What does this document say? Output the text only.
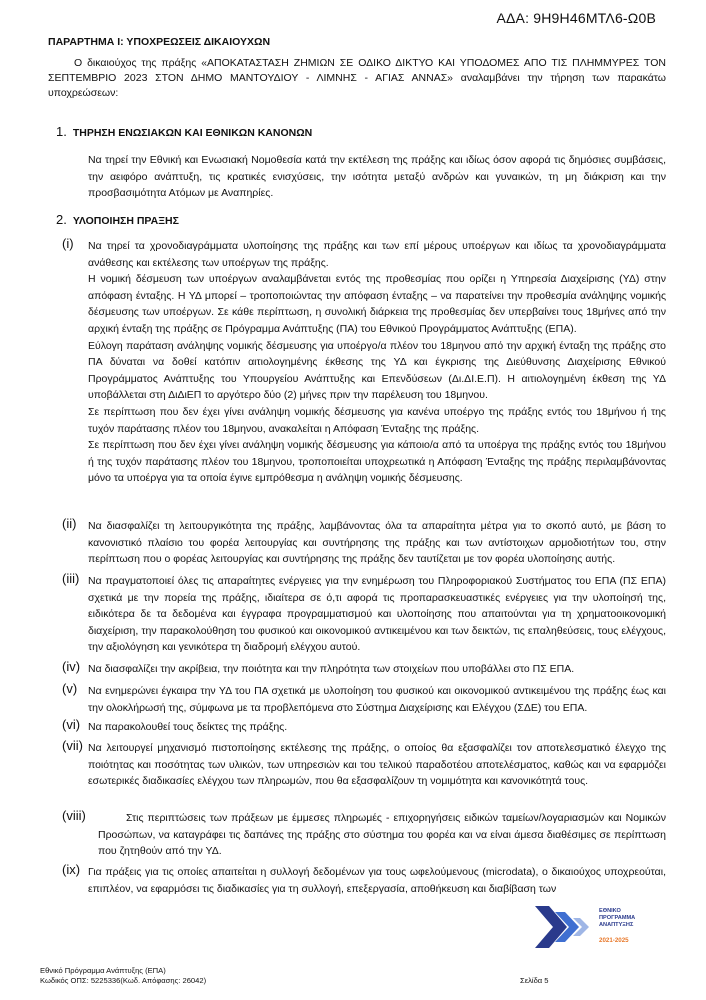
ΑΔΑ: 9Η9Η46ΜΤΛ6-Ω0Β
ΠΑΡΑΡΤΗΜΑ Ι: ΥΠΟΧΡΕΩΣΕΙΣ ΔΙΚΑΙΟΥΧΩΝ
Ο δικαιούχος της πράξης «ΑΠΟΚΑΤΑΣΤΑΣΗ ΖΗΜΙΩΝ ΣΕ ΟΔΙΚΟ ΔΙΚΤΥΟ ΚΑΙ ΥΠΟΔΟΜΕΣ ΑΠΟ ΤΙΣ ΠΛΗΜΜΥΡΕΣ ΤΟΝ ΣΕΠΤΕΜΒΡΙΟ 2023 ΣΤΟΝ ΔΗΜΟ ΜΑΝΤΟΥΔΙΟΥ - ΛΙΜΝΗΣ - ΑΓΙΑΣ ΑΝΝΑΣ» αναλαμβάνει την τήρηση των παρακάτω υποχρεώσεων:
1. ΤΗΡΗΣΗ ΕΝΩΣΙΑΚΩΝ ΚΑΙ ΕΘΝΙΚΩΝ ΚΑΝΟΝΩΝ
Να τηρεί την Εθνική και Ενωσιακή Νομοθεσία κατά την εκτέλεση της πράξης και ιδίως όσον αφορά τις δημόσιες συμβάσεις, την αειφόρο ανάπτυξη, τις κρατικές ενισχύσεις, την ισότητα μεταξύ ανδρών και γυναικών, τη μη διάκριση και την προσβασιμότητα Ατόμων με Αναπηρίες.
2. ΥΛΟΠΟΙΗΣΗ ΠΡΑΞΗΣ
(i) Να τηρεί τα χρονοδιαγράμματα υλοποίησης της πράξης και των επί μέρους υποέργων και ιδίως τα χρονοδιαγράμματα ανάθεσης και εκτέλεσης των υποέργων της πράξης.
Η νομική δέσμευση των υποέργων αναλαμβάνεται εντός της προθεσμίας που ορίζει η Υπηρεσία Διαχείρισης (ΥΔ) στην απόφαση ένταξης. Η ΥΔ μπορεί – τροποποιώντας την απόφαση ένταξης – να παρατείνει την προθεσμία ανάληψης νομικής δέσμευσης των υποέργων. Σε κάθε περίπτωση, η συνολική διάρκεια της προθεσμίας δεν υπερβαίνει τους 18μήνες από την αρχική ένταξη της πράξης σε Πρόγραμμα Ανάπτυξης (ΠΑ) του Εθνικού Προγράμματος Ανάπτυξης (ΕΠΑ).
Εύλογη παράταση ανάληψης νομικής δέσμευσης για υποέργο/α πλέον του 18μηνου από την αρχική ένταξη της πράξης στο ΠΑ δύναται να δοθεί κατόπιν αιτιολογημένης έκθεσης της ΥΔ και έγκρισης της Διεύθυνσης Διαχείρισης Εθνικού Προγράμματος Ανάπτυξης του Υπουργείου Ανάπτυξης και Επενδύσεων (Δι.ΔΙ.Ε.Π). Η αιτιολογημένη έκθεση της ΥΔ υποβάλλεται στη ΔιΔιΕΠ το αργότερο δύο (2) μήνες πριν την παρέλευση του 18μηνου.
Σε περίπτωση που δεν έχει γίνει ανάληψη νομικής δέσμευσης για κανένα υποέργο της πράξης εντός του 18μήνου ή της τυχόν παράτασης πλέον του 18μηνου, ανακαλείται η Απόφαση Ένταξης της πράξης.
Σε περίπτωση που δεν έχει γίνει ανάληψη νομικής δέσμευσης για κάποιο/α από τα υποέργα της πράξης εντός του 18μήνου ή της τυχόν παράτασης πλέον του 18μηνου, τροποποιείται υποχρεωτικά η Απόφαση Ένταξης της πράξης περιλαμβάνοντας μόνο τα υποέργα για τα οποία έγινε εμπρόθεσμα η ανάληψη νομικής δέσμευσης.
(ii) Να διασφαλίζει τη λειτουργικότητα της πράξης, λαμβάνοντας όλα τα απαραίτητα μέτρα για το σκοπό αυτό, με βάση το κανονιστικό πλαίσιο του φορέα λειτουργίας και συντήρησης της πράξης και των αντίστοιχων αρμοδιοτήτων του, στην περίπτωση που ο φορέας λειτουργίας και συντήρησης της πράξης δεν ταυτίζεται με τον φορέα υλοποίησης αυτής.
(iii) Να πραγματοποιεί όλες τις απαραίτητες ενέργειες για την ενημέρωση του Πληροφοριακού Συστήματος του ΕΠΑ (ΠΣ ΕΠΑ) σχετικά με την πορεία της πράξης, ιδιαίτερα σε ό,τι αφορά τις προπαρασκευαστικές ενέργειες για την υλοποίησή της, ειδικότερα δε τα δεδομένα και έγγραφα προγραμματισμού και υλοποίησης που απαιτούνται για τη χρηματοοικονομική διαχείριση, την παρακολούθηση του φυσικού και οικονομικού αντικειμένου και των δεικτών, τις επαληθεύσεις, τους ελέγχους, την αξιολόγηση και γενικότερα τη διαδρομή ελέγχου αυτού.
(iv) Να διασφαλίζει την ακρίβεια, την ποιότητα και την πληρότητα των στοιχείων που υποβάλλει στο ΠΣ ΕΠΑ.
(v) Να ενημερώνει έγκαιρα την ΥΔ του ΠΑ σχετικά με υλοποίηση του φυσικού και οικονομικού αντικειμένου της πράξης έως και την ολοκλήρωσή της, σύμφωνα με τα προβλεπόμενα στο Σύστημα Διαχείρισης και Ελέγχου (ΣΔΕ) του ΕΠΑ.
(vi) Να παρακολουθεί τους δείκτες της πράξης.
(vii) Να λειτουργεί μηχανισμό πιστοποίησης εκτέλεσης της πράξης, ο οποίος θα εξασφαλίζει τον αποτελεσματικό έλεγχο της ποιότητας και ποσότητας των υλικών, των υπηρεσιών και του τελικού παραδοτέου αποτελέσματος, καθώς και να εφαρμόζει εσωτερικές διαδικασίες ελέγχου των πληρωμών, που θα εξασφαλίζουν τη νομιμότητα και κανονικότητά τους.
(viii)	Στις περιπτώσεις των πράξεων με έμμεσες πληρωμές - επιχορηγήσεις ειδικών ταμείων/λογαριασμών και Νομικών Προσώπων, να καταγράφει τις δαπάνες της πράξης στο σύστημα του φορέα και να είναι άμεσα διαθέσιμες σε περίπτωση που ζητηθούν από την ΥΔ.
(ix) Για πράξεις για τις οποίες απαιτείται η συλλογή δεδομένων για τους ωφελούμενους (microdata), ο δικαιούχος υποχρεούται, επιπλέον, να εφαρμόσει τις διαδικασίες για τη συλλογή, επεξεργασία, αποθήκευση και διαβίβαση των
ΕΘΝΙΚΟ
ΠΡΟΓΡΑΜΜΑ
ΑΝΑΠΤΥΞΗΣ
2021-2025
Εθνικό Πρόγραμμα Ανάπτυξης (ΕΠΑ)
Κωδικός ΟΠΣ: 5225336(Κωδ. Απόφασης: 26042)	Σελίδα 5
